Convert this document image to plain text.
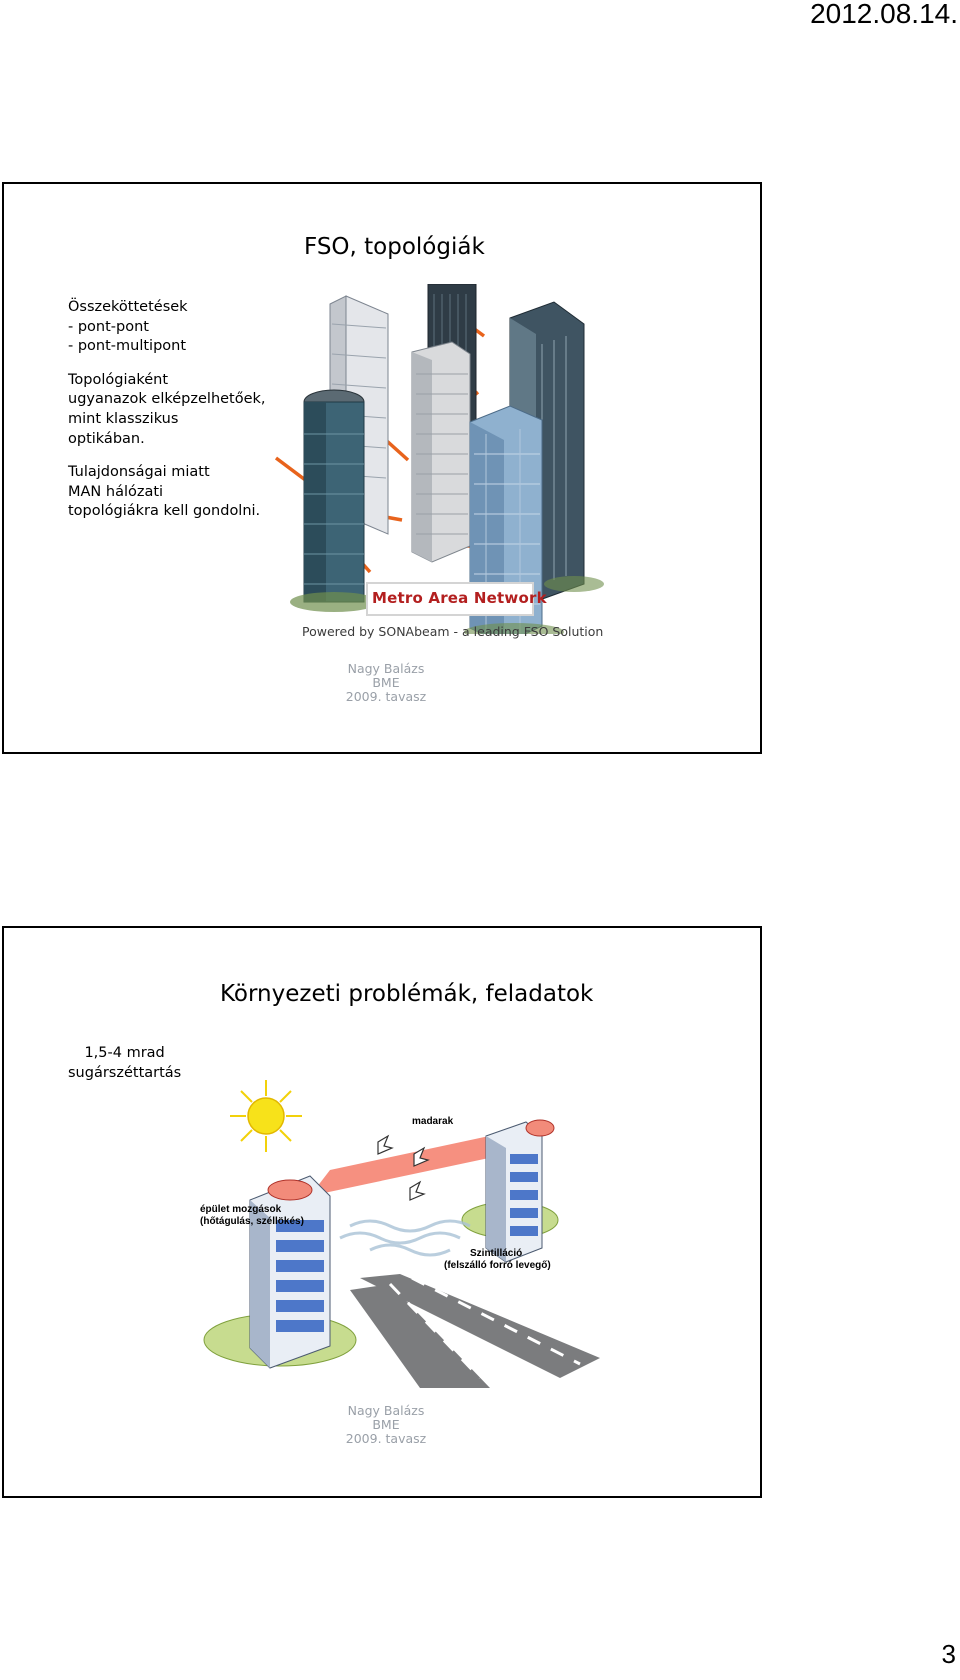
2012.08.14.
FSO, topológiák
Összeköttetések
- pont-pont
- pont-multipont
Topológiaként
ugyanazok elképzelhetőek,
mint klasszikus
optikában.
Tulajdonságai miatt
MAN hálózati
topológiákra kell gondolni.
Metro Area Network
Powered by SONAbeam - a leading FSO Solution
Nagy Balázs
BME
2009. tavasz
Környezeti problémák, feladatok
1,5-4 mrad
sugárszéttartás
madarak
épület mozgások
(hőtágulás, széllökés)
Szintilláció
(felszálló forró levegő)
Nagy Balázs
BME
2009. tavasz
3
